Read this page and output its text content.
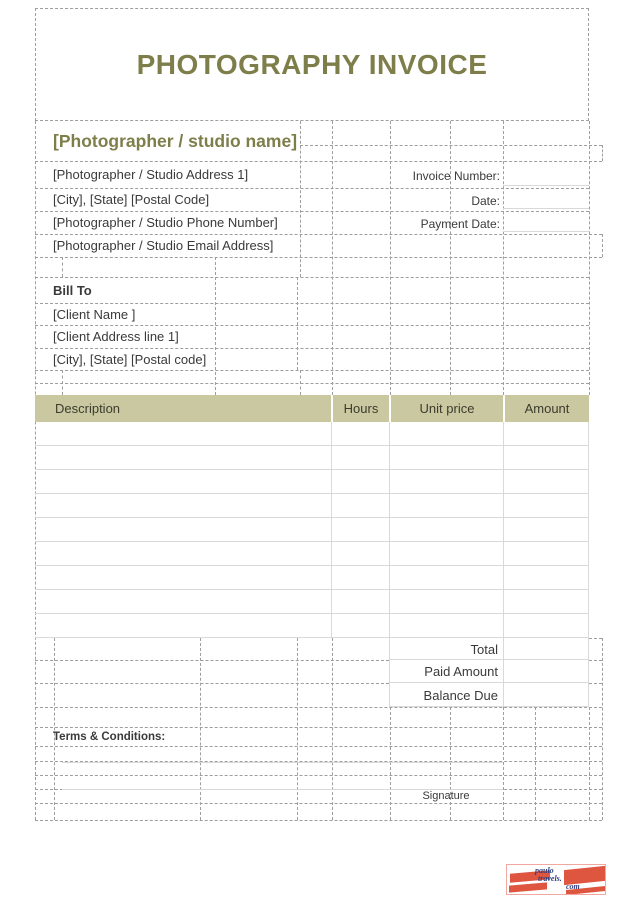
PHOTOGRAPHY INVOICE
[Photographer / studio name]
[Photographer / Studio Address 1]
[City], [State] [Postal Code]
[Photographer / Studio Phone Number]
[Photographer / Studio Email Address]
Invoice Number:
Date:
Payment Date:
Bill To
[Client Name ]
[Client Address line 1]
[City], [State] [Postal code]
Description	Hours	Unit price	Amount
Total
Paid Amount
Balance Due
Terms & Conditions:
Signature
paulo
travels.
com
